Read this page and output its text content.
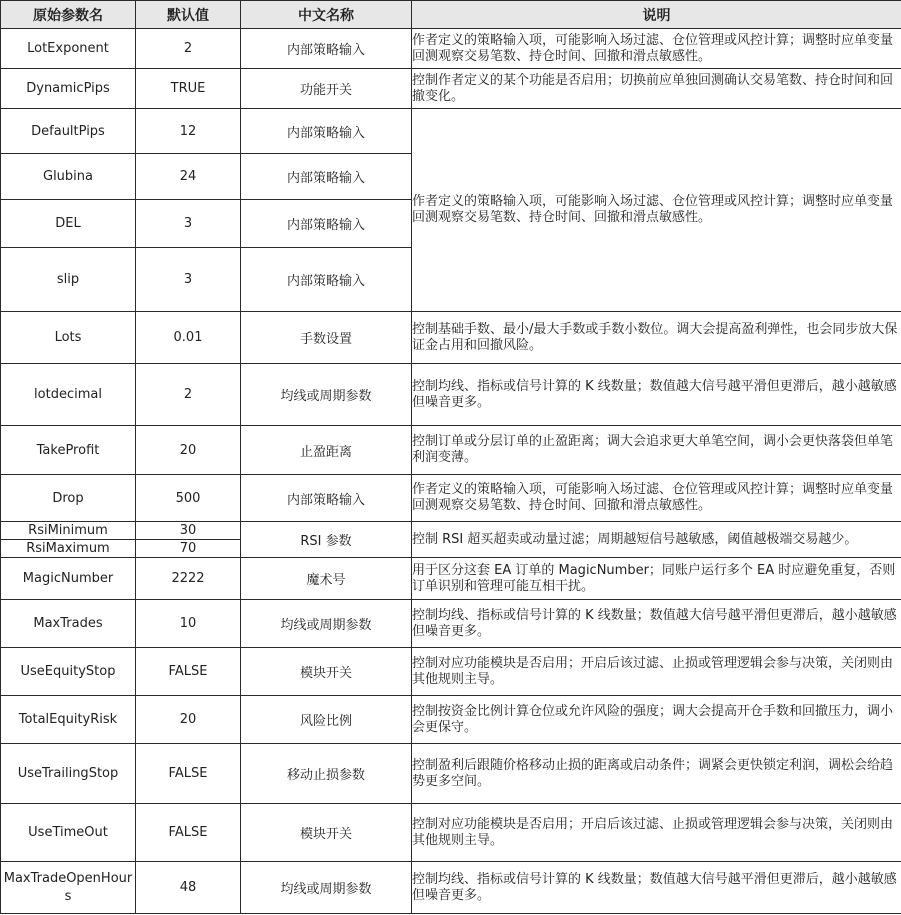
原始参数名	默认值	中文名称	说明
LotExponent	2	内部策略输入	作者定义的策略输入项，可能影响入场过滤、仓位管理或风控计算；调整时应单变量回测观察交易笔数、持仓时间、回撤和滑点敏感性。
DynamicPips	TRUE	功能开关	控制作者定义的某个功能是否启用；切换前应单独回测确认交易笔数、持仓时间和回撤变化。
DefaultPips	12	内部策略输入	作者定义的策略输入项，可能影响入场过滤、仓位管理或风控计算；调整时应单变量回测观察交易笔数、持仓时间、回撤和滑点敏感性。
Glubina	24	内部策略输入	
DEL	3	内部策略输入	
slip	3	内部策略输入	
Lots	0.01	手数设置	控制基础手数、最小/最大手数或手数小数位。调大会提高盈利弹性，也会同步放大保证金占用和回撤风险。
lotdecimal	2	均线或周期参数	控制均线、指标或信号计算的 K 线数量；数值越大信号越平滑但更滞后，越小越敏感但噪音更多。
TakeProfit	20	止盈距离	控制订单或分层订单的止盈距离；调大会追求更大单笔空间，调小会更快落袋但单笔利润变薄。
Drop	500	内部策略输入	作者定义的策略输入项，可能影响入场过滤、仓位管理或风控计算；调整时应单变量回测观察交易笔数、持仓时间、回撤和滑点敏感性。
RsiMinimum	30	RSI 参数	控制 RSI 超买超卖或动量过滤；周期越短信号越敏感，阈值越极端交易越少。
RsiMaximum	70		
MagicNumber	2222	魔术号	用于区分这套 EA 订单的 MagicNumber；同账户运行多个 EA 时应避免重复，否则订单识别和管理可能互相干扰。
MaxTrades	10	均线或周期参数	控制均线、指标或信号计算的 K 线数量；数值越大信号越平滑但更滞后，越小越敏感但噪音更多。
UseEquityStop	FALSE	模块开关	控制对应功能模块是否启用；开启后该过滤、止损或管理逻辑会参与决策，关闭则由其他规则主导。
TotalEquityRisk	20	风险比例	控制按资金比例计算仓位或允许风险的强度；调大会提高开仓手数和回撤压力，调小会更保守。
UseTrailingStop	FALSE	移动止损参数	控制盈利后跟随价格移动止损的距离或启动条件；调紧会更快锁定利润，调松会给趋势更多空间。
UseTimeOut	FALSE	模块开关	控制对应功能模块是否启用；开启后该过滤、止损或管理逻辑会参与决策，关闭则由其他规则主导。
MaxTradeOpenHours	48	均线或周期参数	控制均线、指标或信号计算的 K 线数量；数值越大信号越平滑但更滞后，越小越敏感但噪音更多。
